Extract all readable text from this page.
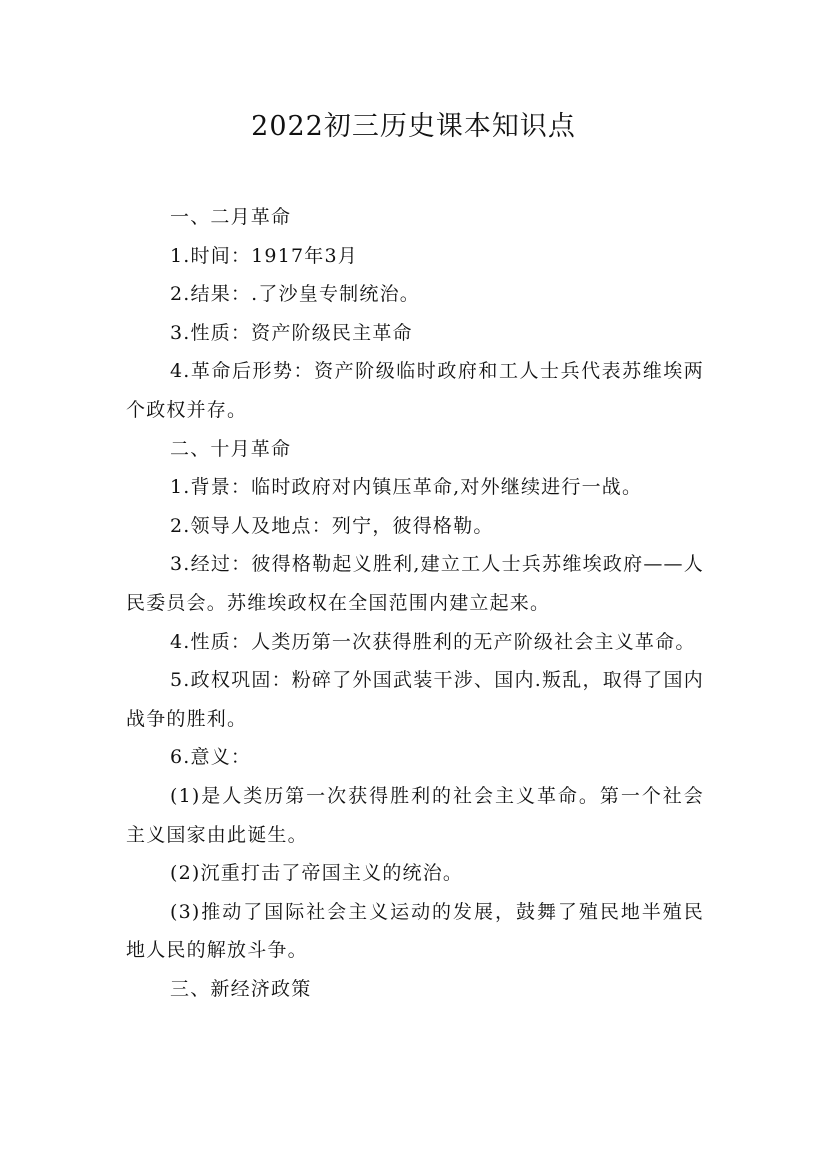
2022初三历史课本知识点

一、二月革命

1.时间：1917年3月

2.结果：.了沙皇专制统治。

3.性质：资产阶级民主革命

4.革命后形势：资产阶级临时政府和工人士兵代表苏维埃两个政权并存。

二、十月革命

1.背景：临时政府对内镇压革命,对外继续进行一战。

2.领导人及地点：列宁，彼得格勒。

3.经过：彼得格勒起义胜利,建立工人士兵苏维埃政府——人民委员会。苏维埃政权在全国范围内建立起来。

4.性质：人类历第一次获得胜利的无产阶级社会主义革命。

5.政权巩固：粉碎了外国武装干涉、国内.叛乱，取得了国内战争的胜利。

6.意义：

(1)是人类历第一次获得胜利的社会主义革命。第一个社会主义国家由此诞生。

(2)沉重打击了帝国主义的统治。

(3)推动了国际社会主义运动的发展，鼓舞了殖民地半殖民地人民的解放斗争。

三、新经济政策
